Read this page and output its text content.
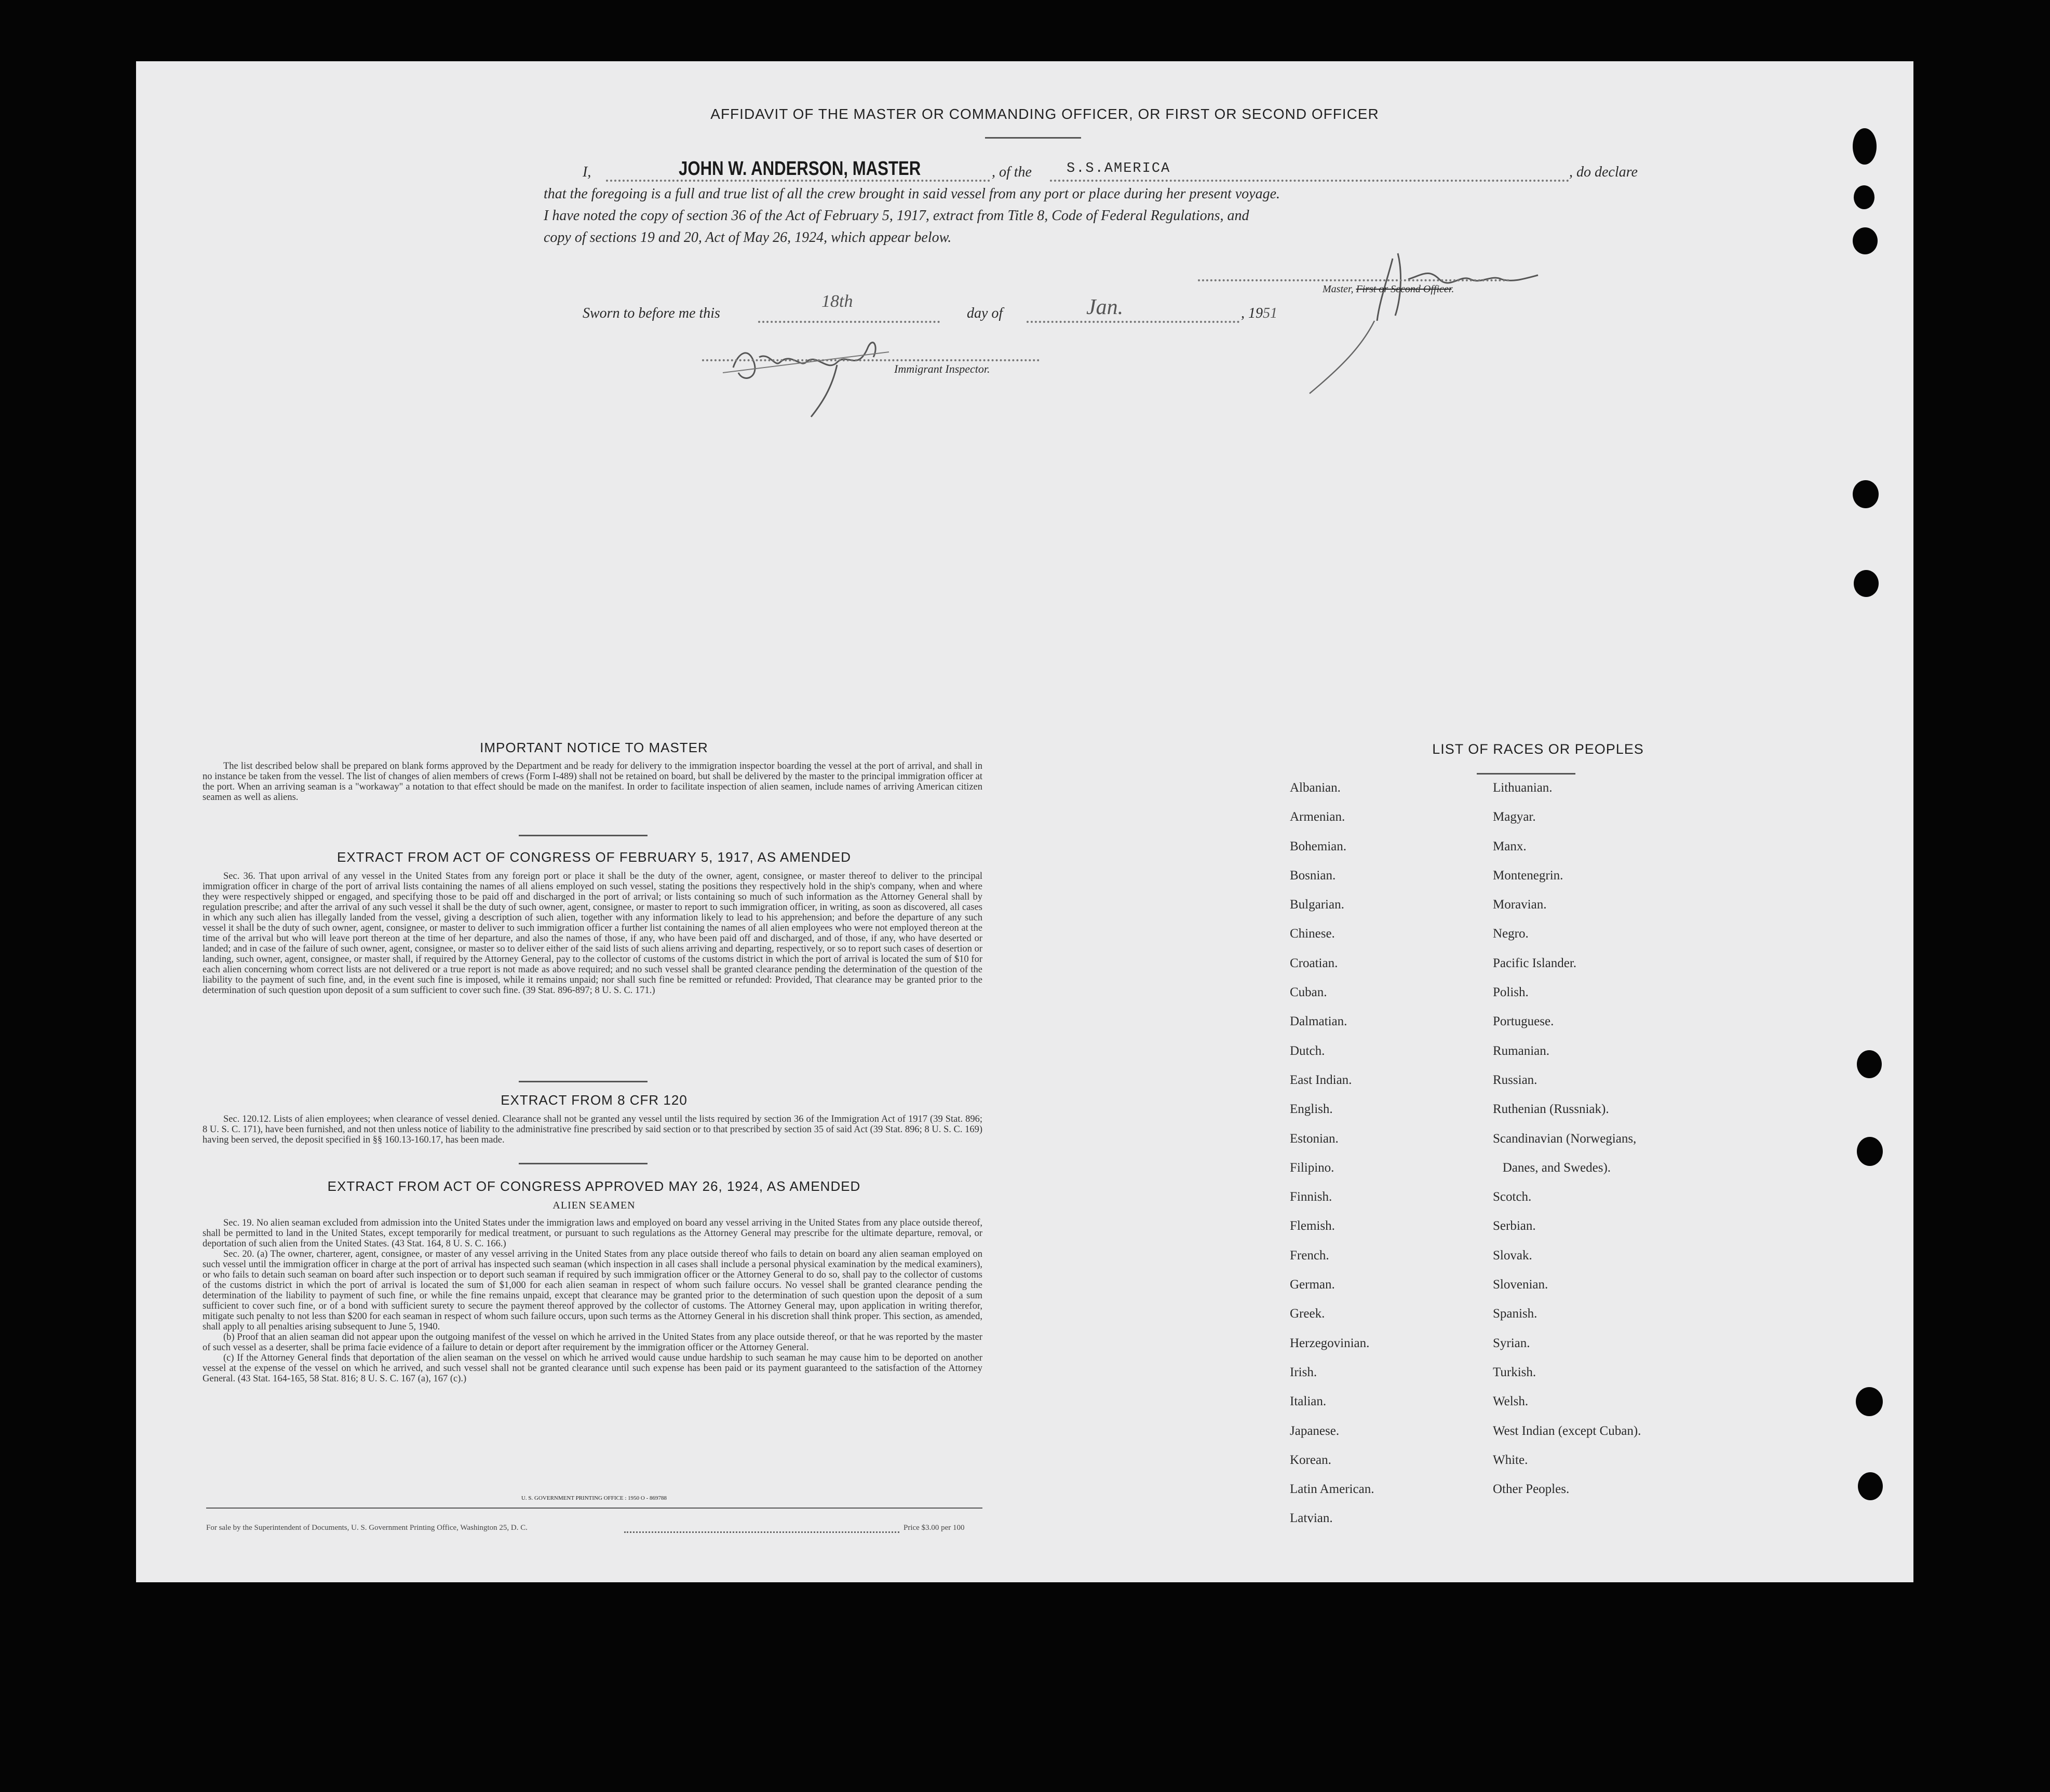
AFFIDAVIT OF THE MASTER OR COMMANDING OFFICER, OR FIRST OR SECOND OFFICER
I,	JOHN W. ANDERSON, MASTER	, of the S.S.AMERICA	, do declare
that the foregoing is a full and true list of all the crew brought in said vessel from any port or place during her present voyage.
I have noted the copy of section 36 of the Act of February 5, 1917, extract from Title 8, Code of Federal Regulations, and
copy of sections 19 and 20, Act of May 26, 1924, which appear below.
Master, First or Second Officer.
Sworn to before me this
18th
day of	Jan.	, 1951
Immigrant Inspector.
IMPORTANT NOTICE TO MASTER

The list described below shall be prepared on blank forms approved by the Department and be ready for delivery to the immigration inspector boarding the vessel at the port of arrival, and shall in no instance be taken from the vessel. The list of changes of alien members of crews (Form I-489) shall not be retained on board, but shall be delivered by the master to the principal immigration officer at the port. When an arriving seaman is a "workaway" a notation to that effect should be made on the manifest. In order to facilitate inspection of alien seamen, include names of arriving American citizen seamen as well as aliens.

EXTRACT FROM ACT OF CONGRESS OF FEBRUARY 5, 1917, AS AMENDED

Sec. 36. That upon arrival of any vessel in the United States from any foreign port or place it shall be the duty of the owner, agent, consignee, or master thereof to deliver to the principal immigration officer in charge of the port of arrival lists containing the names of all aliens employed on such vessel, stating the positions they respectively hold in the ship's company, when and where they were respectively shipped or engaged, and specifying those to be paid off and discharged in the port of arrival; or lists containing so much of such information as the Attorney General shall by regulation prescribe; and after the arrival of any such vessel it shall be the duty of such owner, agent, consignee, or master to report to such immigration officer, in writing, as soon as discovered, all cases in which any such alien has illegally landed from the vessel, giving a description of such alien, together with any information likely to lead to his apprehension; and before the departure of any such vessel it shall be the duty of such owner, agent, consignee, or master to deliver to such immigration officer a further list containing the names of all alien employees who were not employed thereon at the time of the arrival but who will leave port thereon at the time of her departure, and also the names of those, if any, who have been paid off and discharged, and of those, if any, who have deserted or landed; and in case of the failure of such owner, agent, consignee, or master so to deliver either of the said lists of such aliens arriving and departing, respectively, or so to report such cases of desertion or landing, such owner, agent, consignee, or master shall, if required by the Attorney General, pay to the collector of customs of the customs district in which the port of arrival is located the sum of $10 for each alien concerning whom correct lists are not delivered or a true report is not made as above required; and no such vessel shall be granted clearance pending the determination of the question of the liability to the payment of such fine, and, in the event such fine is imposed, while it remains unpaid; nor shall such fine be remitted or refunded: Provided, That clearance may be granted prior to the determination of such question upon deposit of a sum sufficient to cover such fine. (39 Stat. 896-897; 8 U. S. C. 171.)

EXTRACT FROM 8 CFR 120

Sec. 120.12. Lists of alien employees; when clearance of vessel denied. Clearance shall not be granted any vessel until the lists required by section 36 of the Immigration Act of 1917 (39 Stat. 896; 8 U. S. C. 171), have been furnished, and not then unless notice of liability to the administrative fine prescribed by said section or to that prescribed by section 35 of said Act (39 Stat. 896; 8 U. S. C. 169) having been served, the deposit specified in §§ 160.13-160.17, has been made.

EXTRACT FROM ACT OF CONGRESS APPROVED MAY 26, 1924, AS AMENDED
ALIEN SEAMEN

Sec. 19. No alien seaman excluded from admission into the United States under the immigration laws and employed on board any vessel arriving in the United States from any place outside thereof, shall be permitted to land in the United States, except temporarily for medical treatment, or pursuant to such regulations as the Attorney General may prescribe for the ultimate departure, removal, or deportation of such alien from the United States. (43 Stat. 164, 8 U. S. C. 166.)

Sec. 20. (a) The owner, charterer, agent, consignee, or master of any vessel arriving in the United States from any place outside thereof who fails to detain on board any alien seaman employed on such vessel until the immigration officer in charge at the port of arrival has inspected such seaman (which inspection in all cases shall include a personal physical examination by the medical examiners), or who fails to detain such seaman on board after such inspection or to deport such seaman if required by such immigration officer or the Attorney General to do so, shall pay to the collector of customs of the customs district in which the port of arrival is located the sum of $1,000 for each alien seaman in respect of whom such failure occurs. No vessel shall be granted clearance pending the determination of the liability to payment of such fine, or while the fine remains unpaid, except that clearance may be granted prior to the determination of such question upon the deposit of a sum sufficient to cover such fine, or of a bond with sufficient surety to secure the payment thereof approved by the collector of customs. The Attorney General may, upon application in writing therefor, mitigate such penalty to not less than $200 for each seaman in respect of whom such failure occurs, upon such terms as the Attorney General in his discretion shall think proper. This section, as amended, shall apply to all penalties arising subsequent to June 5, 1940.

(b) Proof that an alien seaman did not appear upon the outgoing manifest of the vessel on which he arrived in the United States from any place outside thereof, or that he was reported by the master of such vessel as a deserter, shall be prima facie evidence of a failure to detain or deport after requirement by the immigration officer or the Attorney General.

(c) If the Attorney General finds that deportation of the alien seaman on the vessel on which he arrived would cause undue hardship to such seaman he may cause him to be deported on another vessel at the expense of the vessel on which he arrived, and such vessel shall not be granted clearance until such expense has been paid or its payment guaranteed to the satisfaction of the Attorney General. (43 Stat. 164-165, 58 Stat. 816; 8 U. S. C. 167 (a), 167 (c).)

U. S. GOVERNMENT PRINTING OFFICE : 1950 O - 869788
For sale by the Superintendent of Documents, U. S. Government Printing Office, Washington 25, D. C.	Price $3.00 per 100
LIST OF RACES OR PEOPLES
Albanian.
Armenian.
Bohemian.
Bosnian.
Bulgarian.
Chinese.
Croatian.
Cuban.
Dalmatian.
Dutch.
East Indian.
English.
Estonian.
Filipino.
Finnish.
Flemish.
French.
German.
Greek.
Herzegovinian.
Irish.
Italian.
Japanese.
Korean.
Latin American.
Latvian.
Lithuanian.
Magyar.
Manx.
Montenegrin.
Moravian.
Negro.
Pacific Islander.
Polish.
Portuguese.
Rumanian.
Russian.
Ruthenian (Russniak).
Scandinavian (Norwegians,
Danes, and Swedes).
Scotch.
Serbian.
Slovak.
Slovenian.
Spanish.
Syrian.
Turkish.
Welsh.
West Indian (except Cuban).
White.
Other Peoples.
